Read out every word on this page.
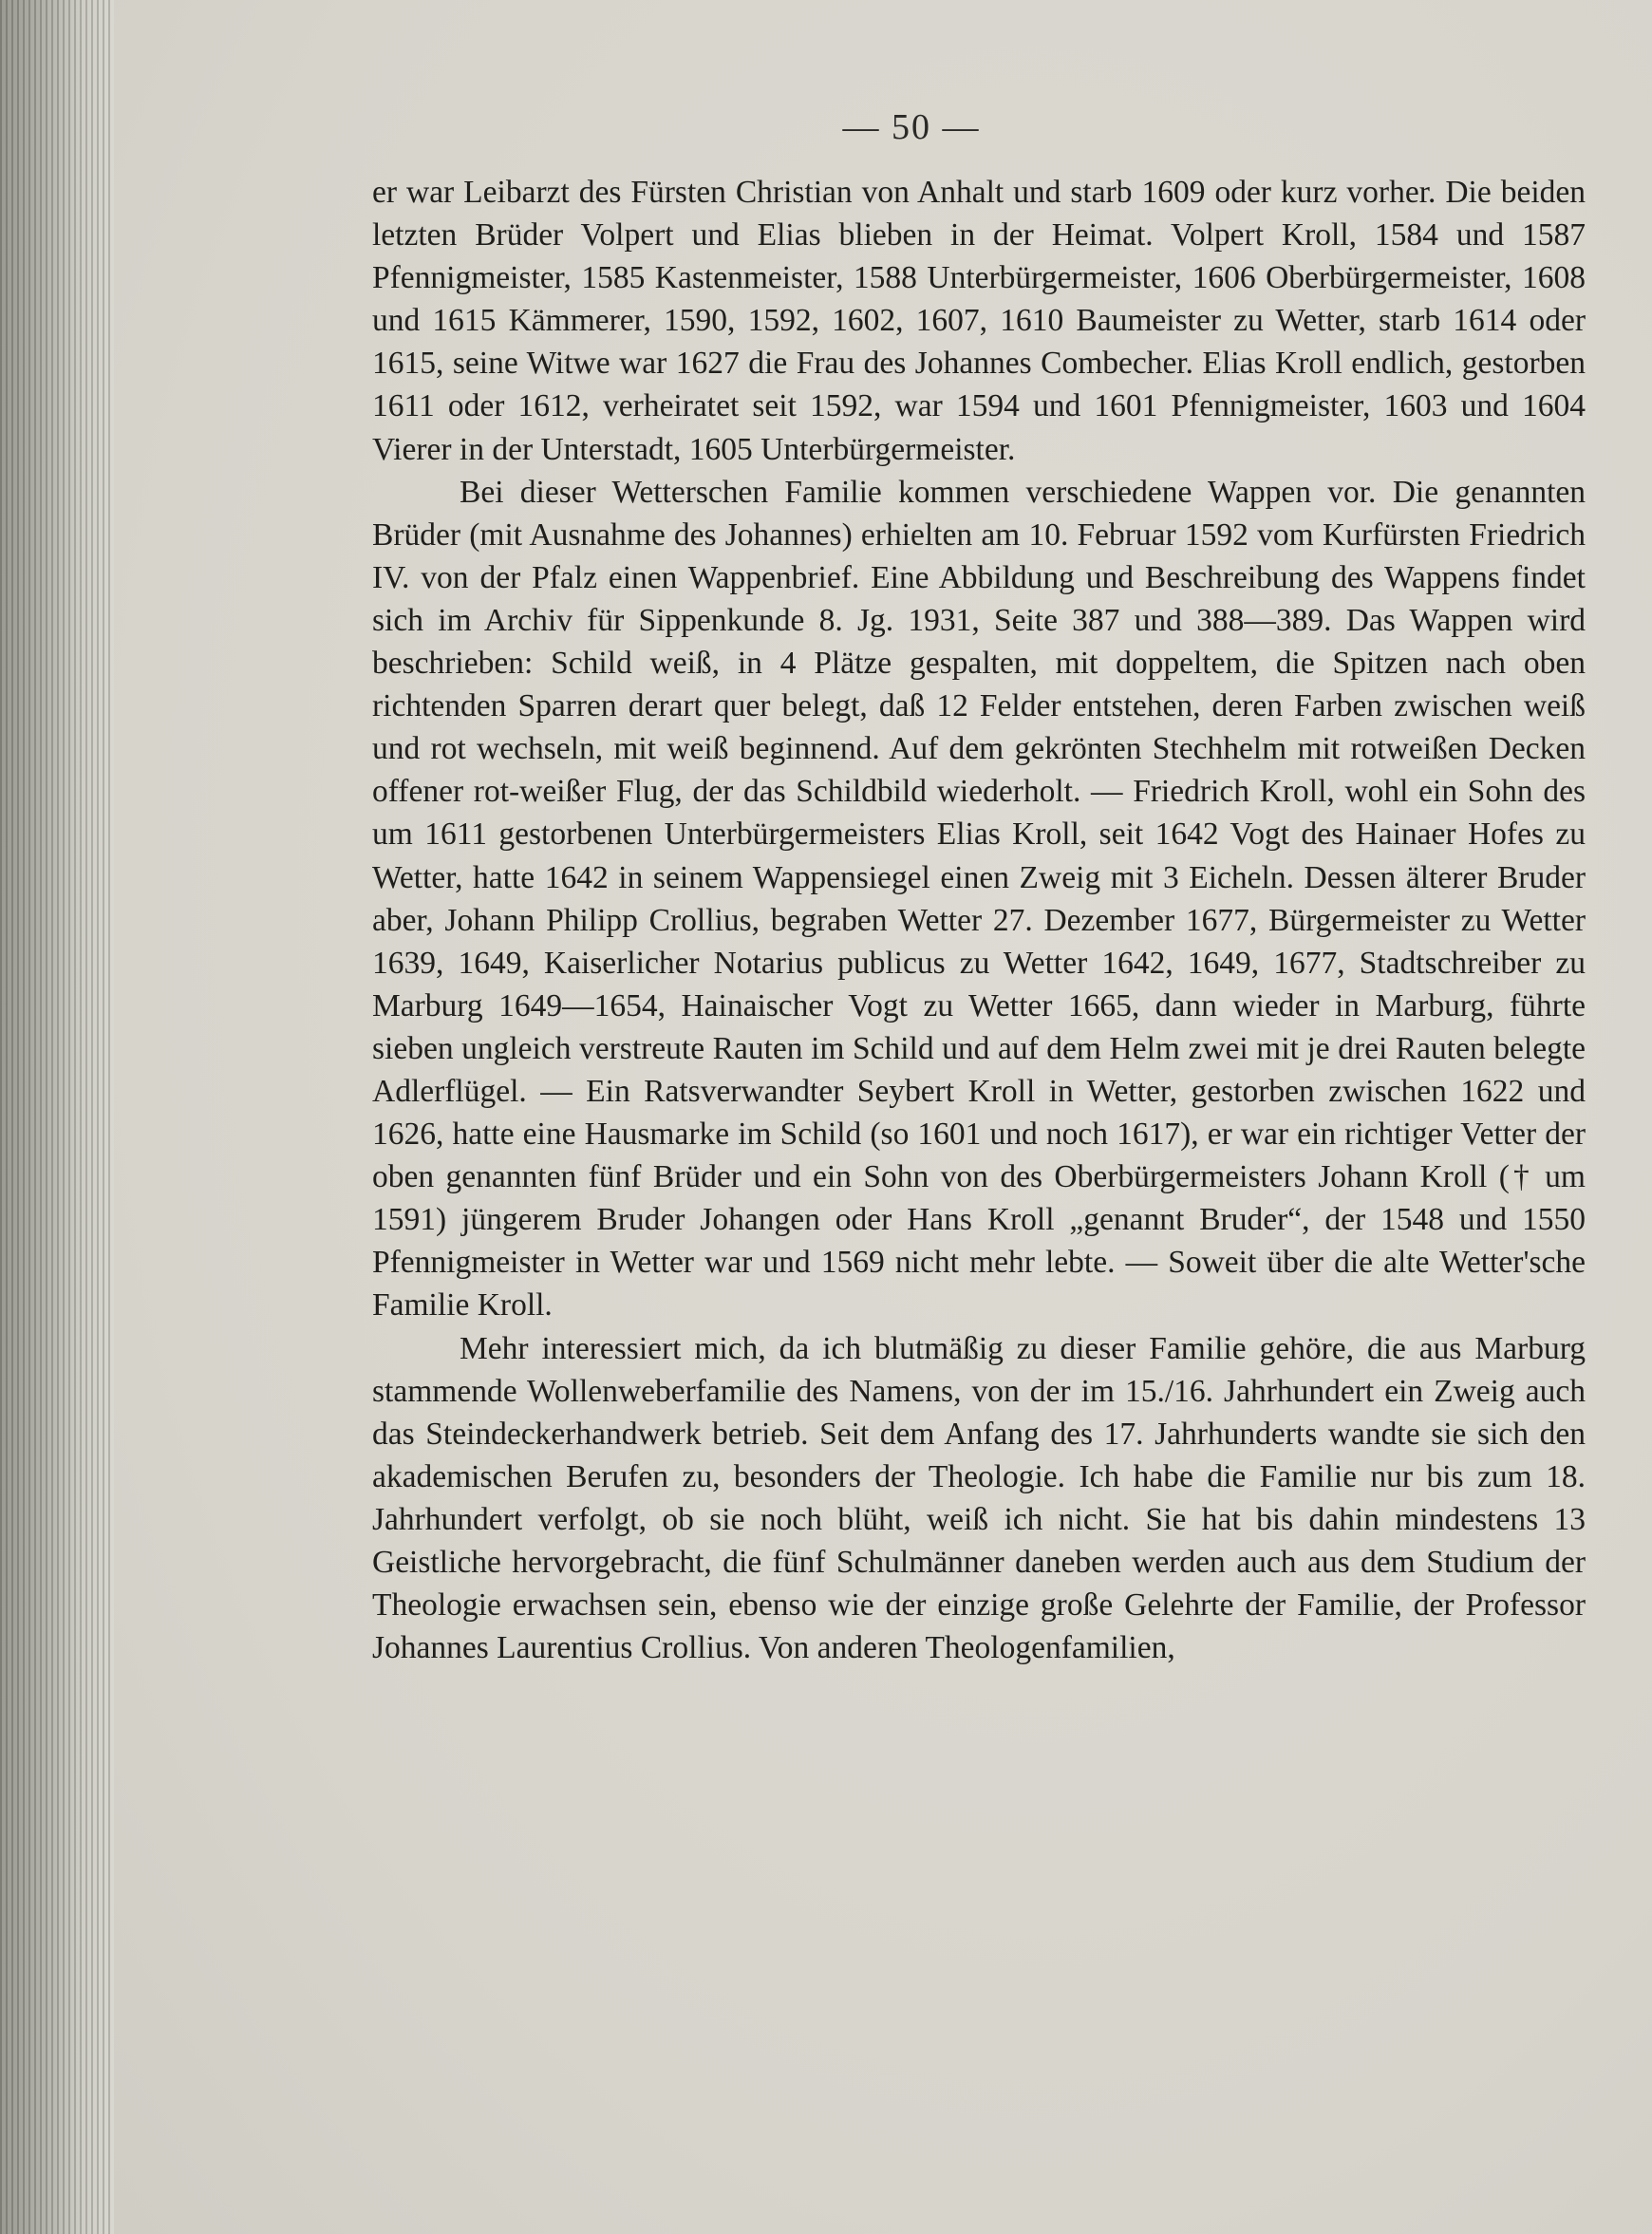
— 50 —

er war Leibarzt des Fürsten Christian von Anhalt und starb 1609 oder kurz vorher. Die beiden letzten Brüder Volpert und Elias blieben in der Heimat. Volpert Kroll, 1584 und 1587 Pfennigmeister, 1585 Kastenmeister, 1588 Unterbürgermeister, 1606 Oberbürgermeister, 1608 und 1615 Kämmerer, 1590, 1592, 1602, 1607, 1610 Baumeister zu Wetter, starb 1614 oder 1615, seine Witwe war 1627 die Frau des Johannes Combecher. Elias Kroll endlich, gestorben 1611 oder 1612, verheiratet seit 1592, war 1594 und 1601 Pfennigmeister, 1603 und 1604 Vierer in der Unterstadt, 1605 Unterbürgermeister.

Bei dieser Wetterschen Familie kommen verschiedene Wappen vor. Die genannten Brüder (mit Ausnahme des Johannes) erhielten am 10. Februar 1592 vom Kurfürsten Friedrich IV. von der Pfalz einen Wappenbrief. Eine Abbildung und Beschreibung des Wappens findet sich im Archiv für Sippenkunde 8. Jg. 1931, Seite 387 und 388—389. Das Wappen wird beschrieben: Schild weiß, in 4 Plätze gespalten, mit doppeltem, die Spitzen nach oben richtenden Sparren derart quer belegt, daß 12 Felder entstehen, deren Farben zwischen weiß und rot wechseln, mit weiß beginnend. Auf dem gekrönten Stechhelm mit rotweißen Decken offener rot-weißer Flug, der das Schildbild wiederholt. — Friedrich Kroll, wohl ein Sohn des um 1611 gestorbenen Unterbürgermeisters Elias Kroll, seit 1642 Vogt des Hainaer Hofes zu Wetter, hatte 1642 in seinem Wappensiegel einen Zweig mit 3 Eicheln. Dessen älterer Bruder aber, Johann Philipp Crollius, begraben Wetter 27. Dezember 1677, Bürgermeister zu Wetter 1639, 1649, Kaiserlicher Notarius publicus zu Wetter 1642, 1649, 1677, Stadtschreiber zu Marburg 1649—1654, Hainaischer Vogt zu Wetter 1665, dann wieder in Marburg, führte sieben ungleich verstreute Rauten im Schild und auf dem Helm zwei mit je drei Rauten belegte Adlerflügel. — Ein Ratsverwandter Seybert Kroll in Wetter, gestorben zwischen 1622 und 1626, hatte eine Hausmarke im Schild (so 1601 und noch 1617), er war ein richtiger Vetter der oben genannten fünf Brüder und ein Sohn von des Oberbürgermeisters Johann Kroll († um 1591) jüngerem Bruder Johangen oder Hans Kroll „genannt Bruder“, der 1548 und 1550 Pfennigmeister in Wetter war und 1569 nicht mehr lebte. — Soweit über die alte Wetter'sche Familie Kroll.

Mehr interessiert mich, da ich blutmäßig zu dieser Familie gehöre, die aus Marburg stammende Wollenweberfamilie des Namens, von der im 15./16. Jahrhundert ein Zweig auch das Steindeckerhandwerk betrieb. Seit dem Anfang des 17. Jahrhunderts wandte sie sich den akademischen Berufen zu, besonders der Theologie. Ich habe die Familie nur bis zum 18. Jahrhundert verfolgt, ob sie noch blüht, weiß ich nicht. Sie hat bis dahin mindestens 13 Geistliche hervorgebracht, die fünf Schulmänner daneben werden auch aus dem Studium der Theologie erwachsen sein, ebenso wie der einzige große Gelehrte der Familie, der Professor Johannes Laurentius Crollius. Von anderen Theologenfamilien,
